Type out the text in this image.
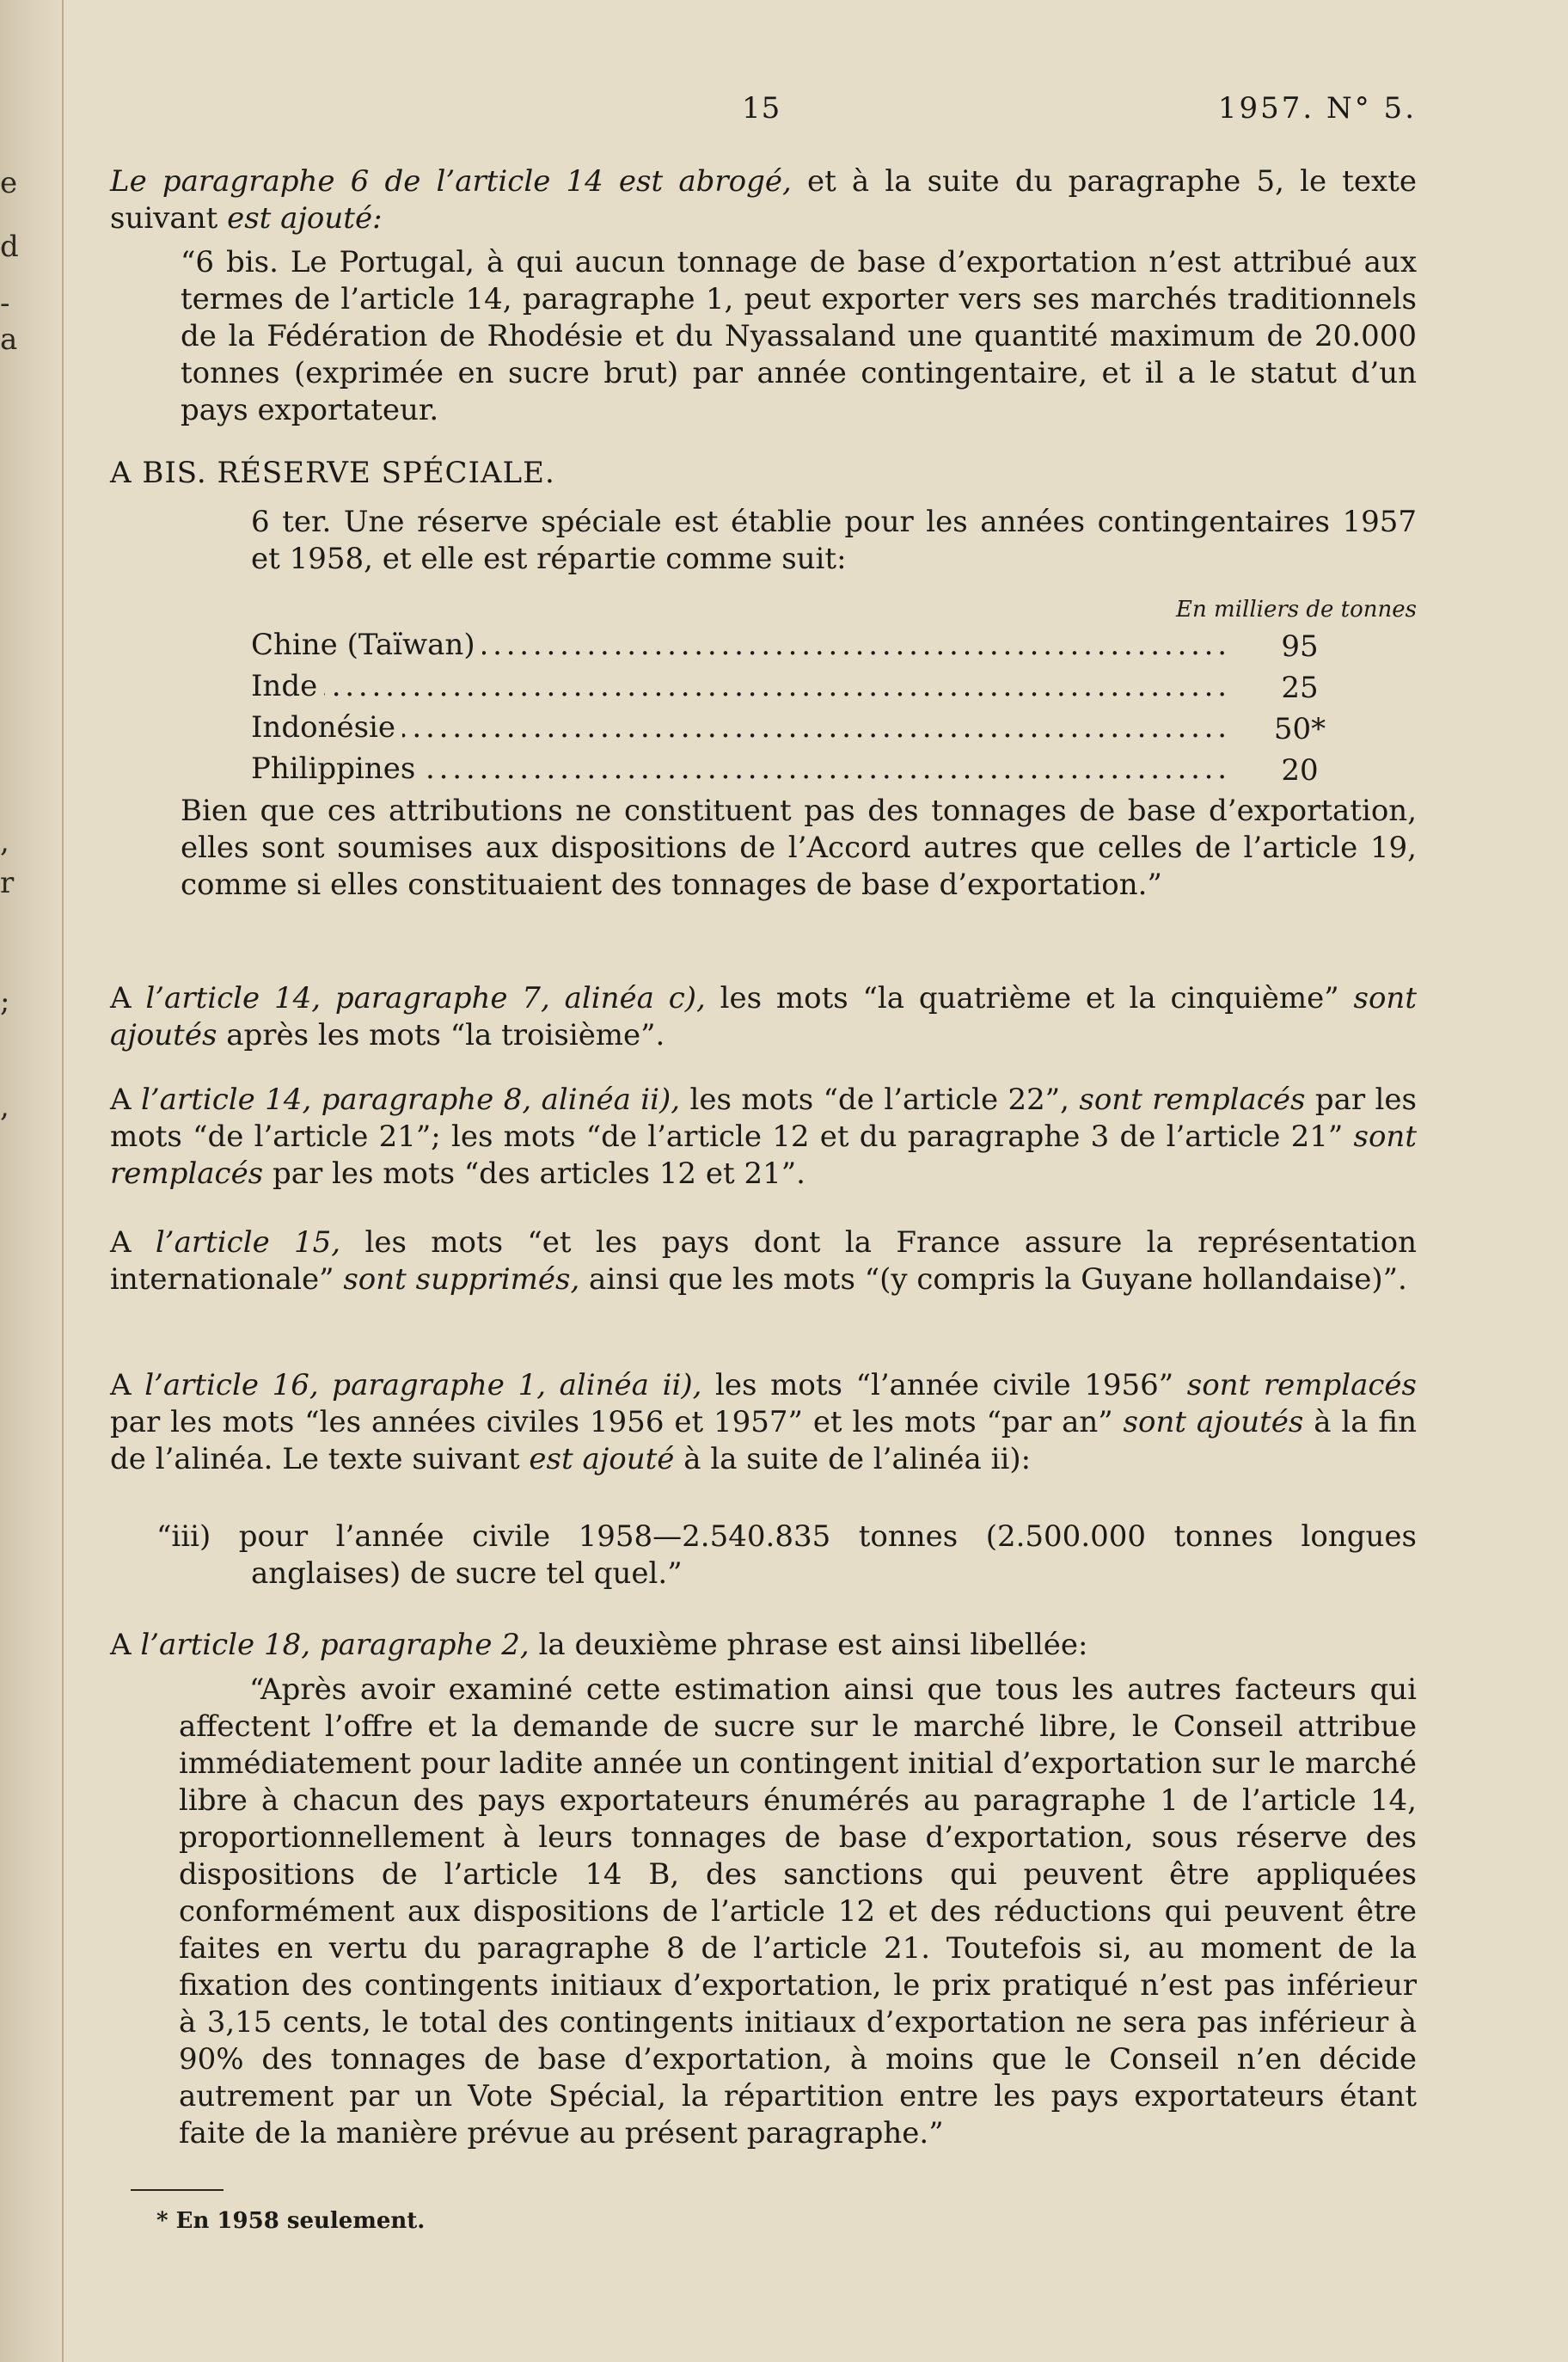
e
d
-
a
,
r
;
,
15	1957. N° 5.

Le paragraphe 6 de l’article 14 est abrogé, et à la suite du paragraphe 5, le texte suivant est ajouté:

“6 bis. Le Portugal, à qui aucun tonnage de base d’exportation n’est attribué aux termes de l’article 14, paragraphe 1, peut exporter vers ses marchés traditionnels de la Fédération de Rhodésie et du Nyassaland une quantité maximum de 20.000 tonnes (exprimée en sucre brut) par année contingentaire, et il a le statut d’un pays exportateur.

A BIS. RÉSERVE SPÉCIALE.

6 ter. Une réserve spéciale est établie pour les années contingentaires 1957 et 1958, et elle est répartie comme suit:

En milliers de tonnes
. . .
Chine (Taïwan)	95
. . .
Inde	25
. . .
Indonésie	50*
. . .
Philippines	20

Bien que ces attributions ne constituent pas des tonnages de base d’exportation, elles sont soumises aux dispositions de l’Accord autres que celles de l’article 19, comme si elles constituaient des tonnages de base d’exportation.”

A l’article 14, paragraphe 7, alinéa c), les mots “la quatrième et la cinquième” sont ajoutés après les mots “la troisième”.

A l’article 14, paragraphe 8, alinéa ii), les mots “de l’article 22”, sont remplacés par les mots “de l’article 21”; les mots “de l’article 12 et du paragraphe 3 de l’article 21” sont remplacés par les mots “des articles 12 et 21”.

A l’article 15, les mots “et les pays dont la France assure la représentation internationale” sont supprimés, ainsi que les mots “(y compris la Guyane hollandaise)”.

A l’article 16, paragraphe 1, alinéa ii), les mots “l’année civile 1956” sont remplacés par les mots “les années civiles 1956 et 1957” et les mots “par an” sont ajoutés à la fin de l’alinéa. Le texte suivant est ajouté à la suite de l’alinéa ii):

“iii) pour l’année civile 1958—2.540.835 tonnes (2.500.000 tonnes longues anglaises) de sucre tel quel.”

A l’article 18, paragraphe 2, la deuxième phrase est ainsi libellée:

“Après avoir examiné cette estimation ainsi que tous les autres facteurs qui affectent l’offre et la demande de sucre sur le marché libre, le Conseil attribue immédiatement pour ladite année un contingent initial d’exportation sur le marché libre à chacun des pays exportateurs énumérés au paragraphe 1 de l’article 14, proportionnellement à leurs tonnages de base d’exportation, sous réserve des dispositions de l’article 14 B, des sanctions qui peuvent être appliquées conformément aux dispositions de l’article 12 et des réductions qui peuvent être faites en vertu du paragraphe 8 de l’article 21. Toutefois si, au moment de la fixation des contingents initiaux d’exportation, le prix pratiqué n’est pas inférieur à 3,15 cents, le total des contingents initiaux d’exportation ne sera pas inférieur à 90% des tonnages de base d’exportation, à moins que le Conseil n’en décide autrement par un Vote Spécial, la répartition entre les pays exportateurs étant faite de la manière prévue au présent paragraphe.”

* En 1958 seulement.
